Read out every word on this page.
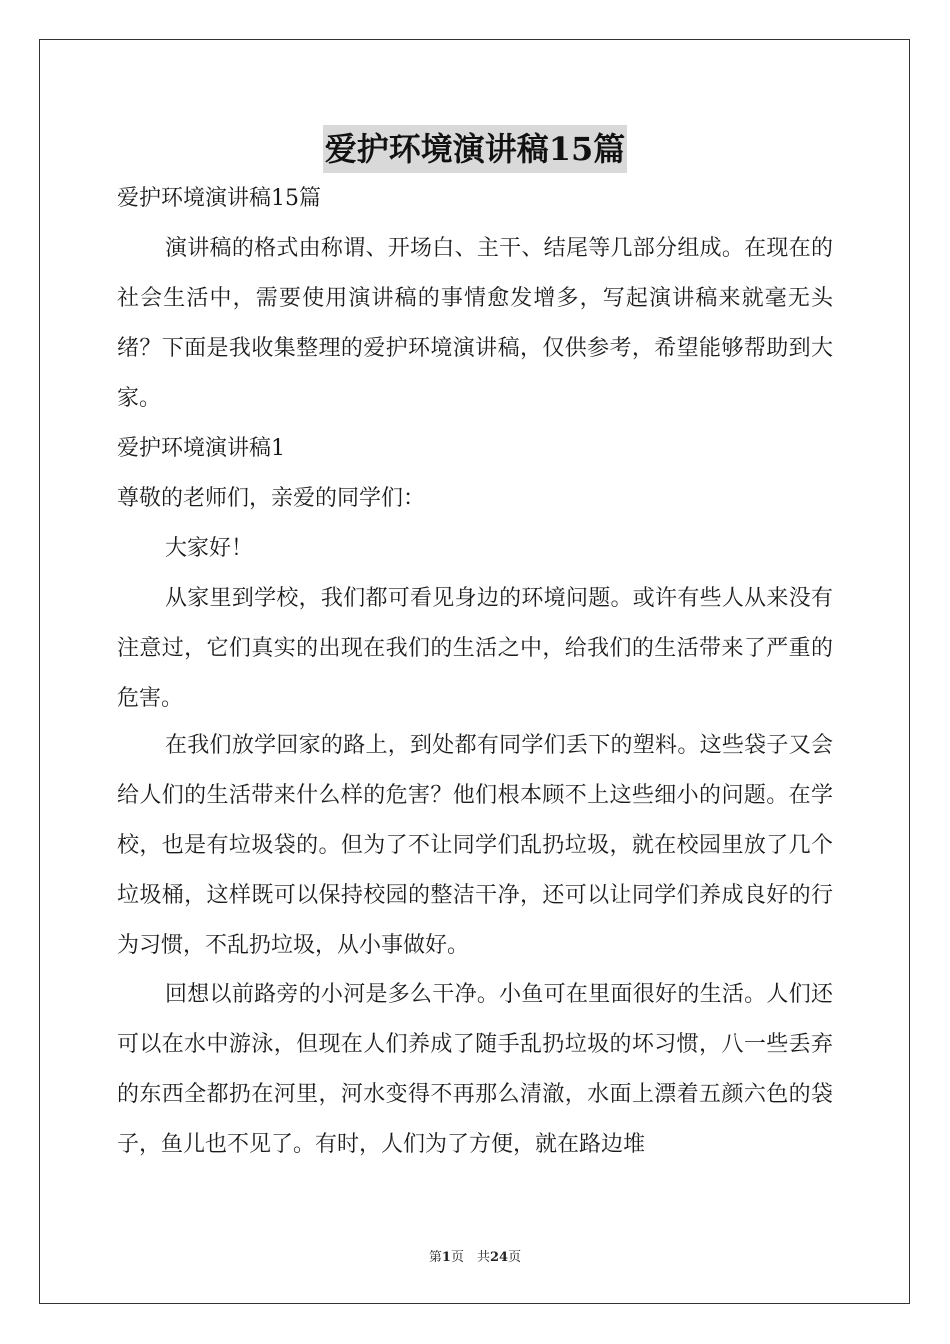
爱护环境演讲稿15篇

爱护环境演讲稿15篇

演讲稿的格式由称谓、开场白、主干、结尾等几部分组成。在现在的社会生活中，需要使用演讲稿的事情愈发增多，写起演讲稿来就毫无头绪？下面是我收集整理的爱护环境演讲稿，仅供参考，希望能够帮助到大家。

爱护环境演讲稿1

尊敬的老师们，亲爱的同学们：

大家好！

从家里到学校，我们都可看见身边的环境问题。或许有些人从来没有注意过，它们真实的出现在我们的生活之中，给我们的生活带来了严重的危害。

在我们放学回家的路上，到处都有同学们丢下的塑料。这些袋子又会给人们的生活带来什么样的危害？他们根本顾不上这些细小的问题。在学校，也是有垃圾袋的。但为了不让同学们乱扔垃圾，就在校园里放了几个垃圾桶，这样既可以保持校园的整洁干净，还可以让同学们养成良好的行为习惯，不乱扔垃圾，从小事做好。

回想以前路旁的小河是多么干净。小鱼可在里面很好的生活。人们还可以在水中游泳，但现在人们养成了随手乱扔垃圾的坏习惯，八一些丢弃的东西全都扔在河里，河水变得不再那么清澈，水面上漂着五颜六色的袋子，鱼儿也不见了。有时，人们为了方便，就在路边堆

第1页　共24页
